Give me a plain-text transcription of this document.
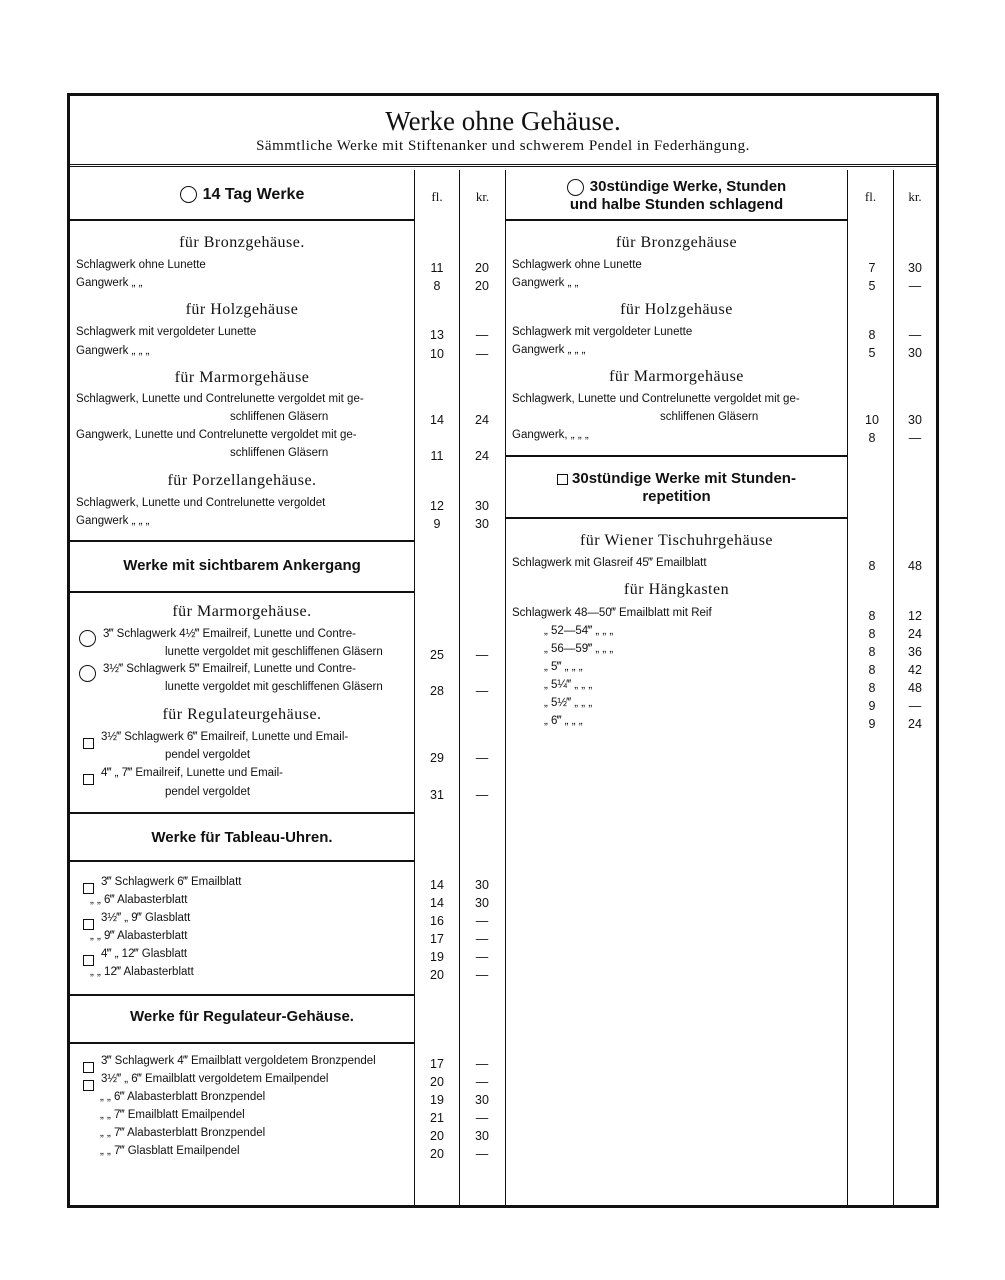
Werke ohne Gehäuse.
Sämmtliche Werke mit Stiftenanker und schwerem Pendel in Federhängung.
14 Tag Werke	fl.	kr.
30stündige Werke, Stunden
und halbe Stunden schlagend	fl.	kr.
für Bronzgehäuse.
Schlagwerk ohne Lunette	11	20
Gangwerk „ „	8	20
für Holzgehäuse
Schlagwerk mit vergoldeter Lunette	13	—
Gangwerk „ „ „	10	—
für Marmorgehäuse
Schlagwerk, Lunette und Contrelunette vergoldet mit ge-
schliffenen Gläsern	14	24
Gangwerk, Lunette und Contrelunette vergoldet mit ge-
schliffenen Gläsern	11	24
für Porzellangehäuse.
Schlagwerk, Lunette und Contrelunette vergoldet	12	30
Gangwerk „ „ „	9	30
Werke mit sichtbarem Ankergang
für Marmorgehäuse.
3‴ Schlagwerk 4½‴ Emailreif, Lunette und Contre-
lunette vergoldet mit geschliffenen Gläsern	25	—
3½‴ Schlagwerk 5‴ Emailreif, Lunette und Contre-
lunette vergoldet mit geschliffenen Gläsern	28	—
für Regulateurgehäuse.
3½‴ Schlagwerk 6‴ Emailreif, Lunette und Email-
pendel vergoldet	29	—
4‴ „ 7‴ Emailreif, Lunette und Email-
pendel vergoldet	31	—
Werke für Tableau-Uhren.
3‴ Schlagwerk 6‴ Emailblatt	14	30
„ „ 6‴ Alabasterblatt	14	30
3½‴ „ 9‴ Glasblatt	16	—
„ „ 9‴ Alabasterblatt	17	—
4‴ „ 12‴ Glasblatt	19	—
„ „ 12‴ Alabasterblatt	20	—
Werke für Regulateur-Gehäuse.
3‴ Schlagwerk 4‴ Emailblatt vergoldetem Bronzpendel	17	—
3½‴ „ 6‴ Emailblatt vergoldetem Emailpendel	20	—
„ „ 6‴ Alabasterblatt Bronzpendel	19	30
„ „ 7‴ Emailblatt Emailpendel	21	—
„ „ 7‴ Alabasterblatt Bronzpendel	20	30
„ „ 7‴ Glasblatt Emailpendel	20	—
für Bronzgehäuse
Schlagwerk ohne Lunette	7	30
Gangwerk „ „	5	—
für Holzgehäuse
Schlagwerk mit vergoldeter Lunette	8	—
Gangwerk „ „ „	5	30
für Marmorgehäuse
Schlagwerk, Lunette und Contrelunette vergoldet mit ge-
schliffenen Gläsern	10	30
Gangwerk, „ „ „	8	—
30stündige Werke mit Stunden-
repetition
für Wiener Tischuhrgehäuse
Schlagwerk mit Glasreif 45‴ Emailblatt	8	48
für Hängkasten
Schlagwerk 48—50‴ Emailblatt mit Reif	8	12
„ 52—54‴ „ „ „	8	24
„ 56—59‴ „ „ „	8	36
„ 5‴ „ „ „	8	42
„ 5¼‴ „ „ „	8	48
„ 5½‴ „ „ „	9	—
„ 6‴ „ „ „	9	24
